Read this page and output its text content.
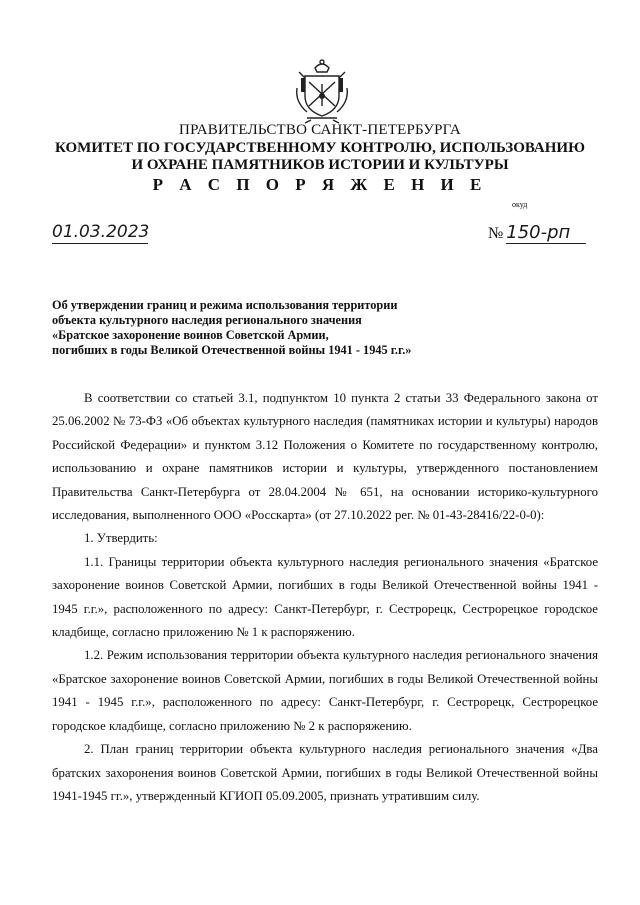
ПРАВИТЕЛЬСТВО САНКТ-ПЕТЕРБУРГА
КОМИТЕТ ПО ГОСУДАРСТВЕННОМУ КОНТРОЛЮ, ИСПОЛЬЗОВАНИЮ
И ОХРАНЕ ПАМЯТНИКОВ ИСТОРИИ И КУЛЬТУРЫ
Р А С П О Р Я Ж Е Н И Е
окуд
01.03.2023	№ 150-рп
Об утверждении границ и режима использования территории
объекта культурного наследия регионального значения
«Братское захоронение воинов Советской Армии,
погибших в годы Великой Отечественной войны 1941 - 1945 г.г.»

В соответствии со статьей 3.1, подпунктом 10 пункта 2 статьи 33 Федерального закона от 25.06.2002 № 73-ФЗ «Об объектах культурного наследия (памятниках истории и культуры) народов Российской Федерации» и пунктом 3.12 Положения о Комитете по государственному контролю, использованию и охране памятников истории и культуры, утвержденного постановлением Правительства Санкт-Петербурга от 28.04.2004 № 651, на основании историко-культурного исследования, выполненного ООО «Росскарта» (от 27.10.2022 рег. № 01-43-28416/22-0-0):

1. Утвердить:

1.1. Границы территории объекта культурного наследия регионального значения «Братское захоронение воинов Советской Армии, погибших в годы Великой Отечественной войны 1941 - 1945 г.г.», расположенного по адресу: Санкт-Петербург, г. Сестрорецк, Сестрорецкое городское кладбище, согласно приложению № 1 к распоряжению.

1.2. Режим использования территории объекта культурного наследия регионального значения «Братское захоронение воинов Советской Армии, погибших в годы Великой Отечественной войны 1941 - 1945 г.г.», расположенного по адресу: Санкт-Петербург, г. Сестрорецк, Сестрорецкое городское кладбище, согласно приложению № 2 к распоряжению.

2. План границ территории объекта культурного наследия регионального значения «Два братских захоронения воинов Советской Армии, погибших в годы Великой Отечественной войны 1941-1945 гг.», утвержденный КГИОП 05.09.2005, признать утратившим силу.
